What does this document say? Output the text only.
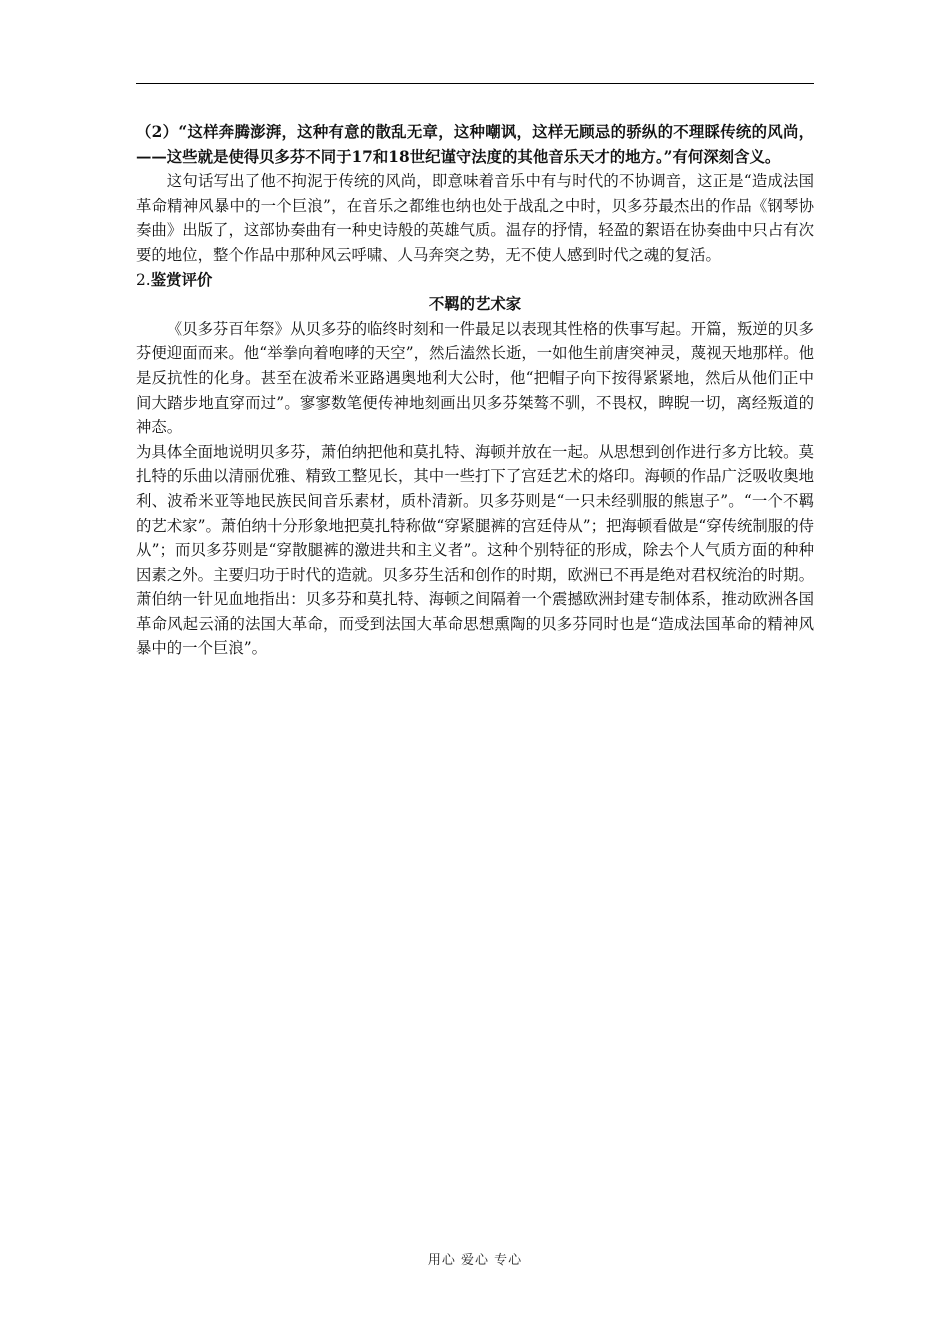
（2）“这样奔腾澎湃，这种有意的散乱无章，这种嘲讽，这样无顾忌的骄纵的不理睬传统的风尚，——这些就是使得贝多芬不同于17和18世纪谨守法度的其他音乐天才的地方。”有何深刻含义。

这句话写出了他不拘泥于传统的风尚，即意味着音乐中有与时代的不协调音，这正是“造成法国革命精神风暴中的一个巨浪”，在音乐之都维也纳也处于战乱之中时，贝多芬最杰出的作品《钢琴协奏曲》出版了，这部协奏曲有一种史诗般的英雄气质。温存的抒情，轻盈的絮语在协奏曲中只占有次要的地位，整个作品中那种风云呼啸、人马奔突之势，无不使人感到时代之魂的复活。

2.鉴赏评价

不羁的艺术家

《贝多芬百年祭》从贝多芬的临终时刻和一件最足以表现其性格的佚事写起。开篇，叛逆的贝多芬便迎面而来。他“举拳向着咆哮的天空”，然后溘然长逝，一如他生前唐突神灵，蔑视天地那样。他是反抗性的化身。甚至在波希米亚路遇奥地利大公时，他“把帽子向下按得紧紧地，然后从他们正中间大踏步地直穿而过”。寥寥数笔便传神地刻画出贝多芬桀骜不驯，不畏权，睥睨一切，离经叛道的神态。

为具体全面地说明贝多芬，萧伯纳把他和莫扎特、海顿并放在一起。从思想到创作进行多方比较。莫扎特的乐曲以清丽优雅、精致工整见长，其中一些打下了宫廷艺术的烙印。海顿的作品广泛吸收奥地利、波希米亚等地民族民间音乐素材，质朴清新。贝多芬则是“一只未经驯服的熊崽子”。“一个不羁的艺术家”。萧伯纳十分形象地把莫扎特称做“穿紧腿裤的宫廷侍从”；把海顿看做是“穿传统制服的侍从”；而贝多芬则是“穿散腿裤的激进共和主义者”。这种个别特征的形成，除去个人气质方面的种种因素之外。主要归功于时代的造就。贝多芬生活和创作的时期，欧洲已不再是绝对君权统治的时期。萧伯纳一针见血地指出：贝多芬和莫扎特、海顿之间隔着一个震撼欧洲封建专制体系，推动欧洲各国革命风起云涌的法国大革命，而受到法国大革命思想熏陶的贝多芬同时也是“造成法国革命的精神风暴中的一个巨浪”。

用心 爱心 专心
